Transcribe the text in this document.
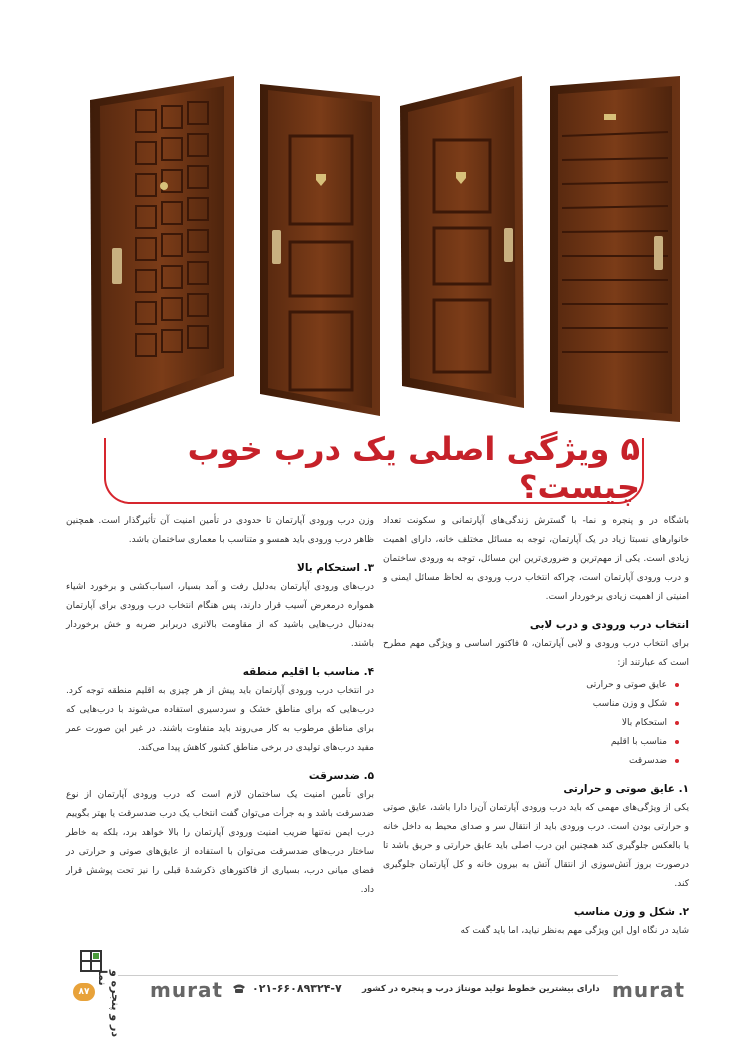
۵ ویژگی اصلی یک درب خوب چیست؟

باشگاه در و پنجره و نما- با گسترش زندگی‌های آپارتمانی و سکونت تعداد خانوارهای نسبتا زیاد در یک آپارتمان، توجه به مسائل مختلف خانه، دارای اهمیت زیادی است. یکی از مهم‌ترین و ضروری‌ترین این مسائل، توجه به ورودی ساختمان و درب ورودی آپارتمان است، چراکه انتخاب درب ورودی به لحاظ مسائل ایمنی و امنیتی از اهمیت زیادی برخوردار است.

انتخاب درب ورودی و درب لابی

برای انتخاب درب ورودی و لابی آپارتمان، ۵ فاکتور اساسی و ویژگی مهم مطرح است که عبارتند از:

عایق صوتی و حرارتی
شکل و وزن مناسب
استحکام بالا
مناسب با اقلیم
ضدسرقت
۱. عایق صوتی و حرارتی

یکی از ویژگی‌های مهمی که باید درب ورودی آپارتمان آن‌را دارا باشد، عایق صوتی و حرارتی بودن است. درب ورودی باید از انتقال سر و صدای محیط به داخل خانه یا بالعکس جلوگیری کند همچنین این درب اصلی باید عایق حرارتی و حریق باشد تا درصورت بروز آتش‌سوزی از انتقال آتش به بیرون خانه و کل آپارتمان جلوگیری کند.

۲. شکل و وزن مناسب

شاید در نگاه اول این ویژگی مهم به‌نظر نیاید، اما باید گفت که

وزن درب ورودی آپارتمان تا حدودی در تأمین امنیت آن تأثیرگذار است. همچنین ظاهر درب ورودی باید همسو و متناسب با معماری ساختمان باشد.

۳. استحکام بالا

درب‌های ورودی آپارتمان به‌دلیل رفت و آمد بسیار، اسباب‌کشی و برخورد اشیاء همواره درمعرض آسیب قرار دارند، پس هنگام انتخاب درب ورودی برای آپارتمان به‌دنبال درب‌هایی باشید که از مقاومت بالاتری دربرابر ضربه و خش برخوردار باشند.

۴. مناسب با اقلیم منطقه

در انتخاب درب ورودی آپارتمان باید پیش از هر چیزی به اقلیم منطقه توجه کرد. درب‌هایی که برای مناطق خشک و سردسیری استفاده می‌شوند با درب‌هایی که برای مناطق مرطوب به کار می‌روند باید متفاوت باشند. در غیر این صورت عمر مفید درب‌های تولیدی در برخی مناطق کشور کاهش پیدا می‌کند.

۵. ضدسرقت

برای تأمین امنیت یک ساختمان لازم است که درب ورودی آپارتمان از نوع ضدسرقت باشد و به جرأت می‌توان گفت انتخاب یک درب ضدسرقت یا بهتر بگوییم درب ایمن نه‌تنها ضریب امنیت ورودی آپارتمان را بالا خواهد برد، بلکه به خاطر ساختار درب‌های ضدسرقت می‌توان با استفاده از عایق‌های صوتی و حرارتی در فضای میانی درب، بسیاری از فاکتورهای ذکرشدهٔ قبلی را نیز تحت پوشش قرار داد.

murat
دارای بیشترین خطوط تولید مونتاژ درب و پنجره در کشور
۰۲۱-۶۶۰۸۹۳۲۴-۷
murat
در و پنجره و نما
۸۷
